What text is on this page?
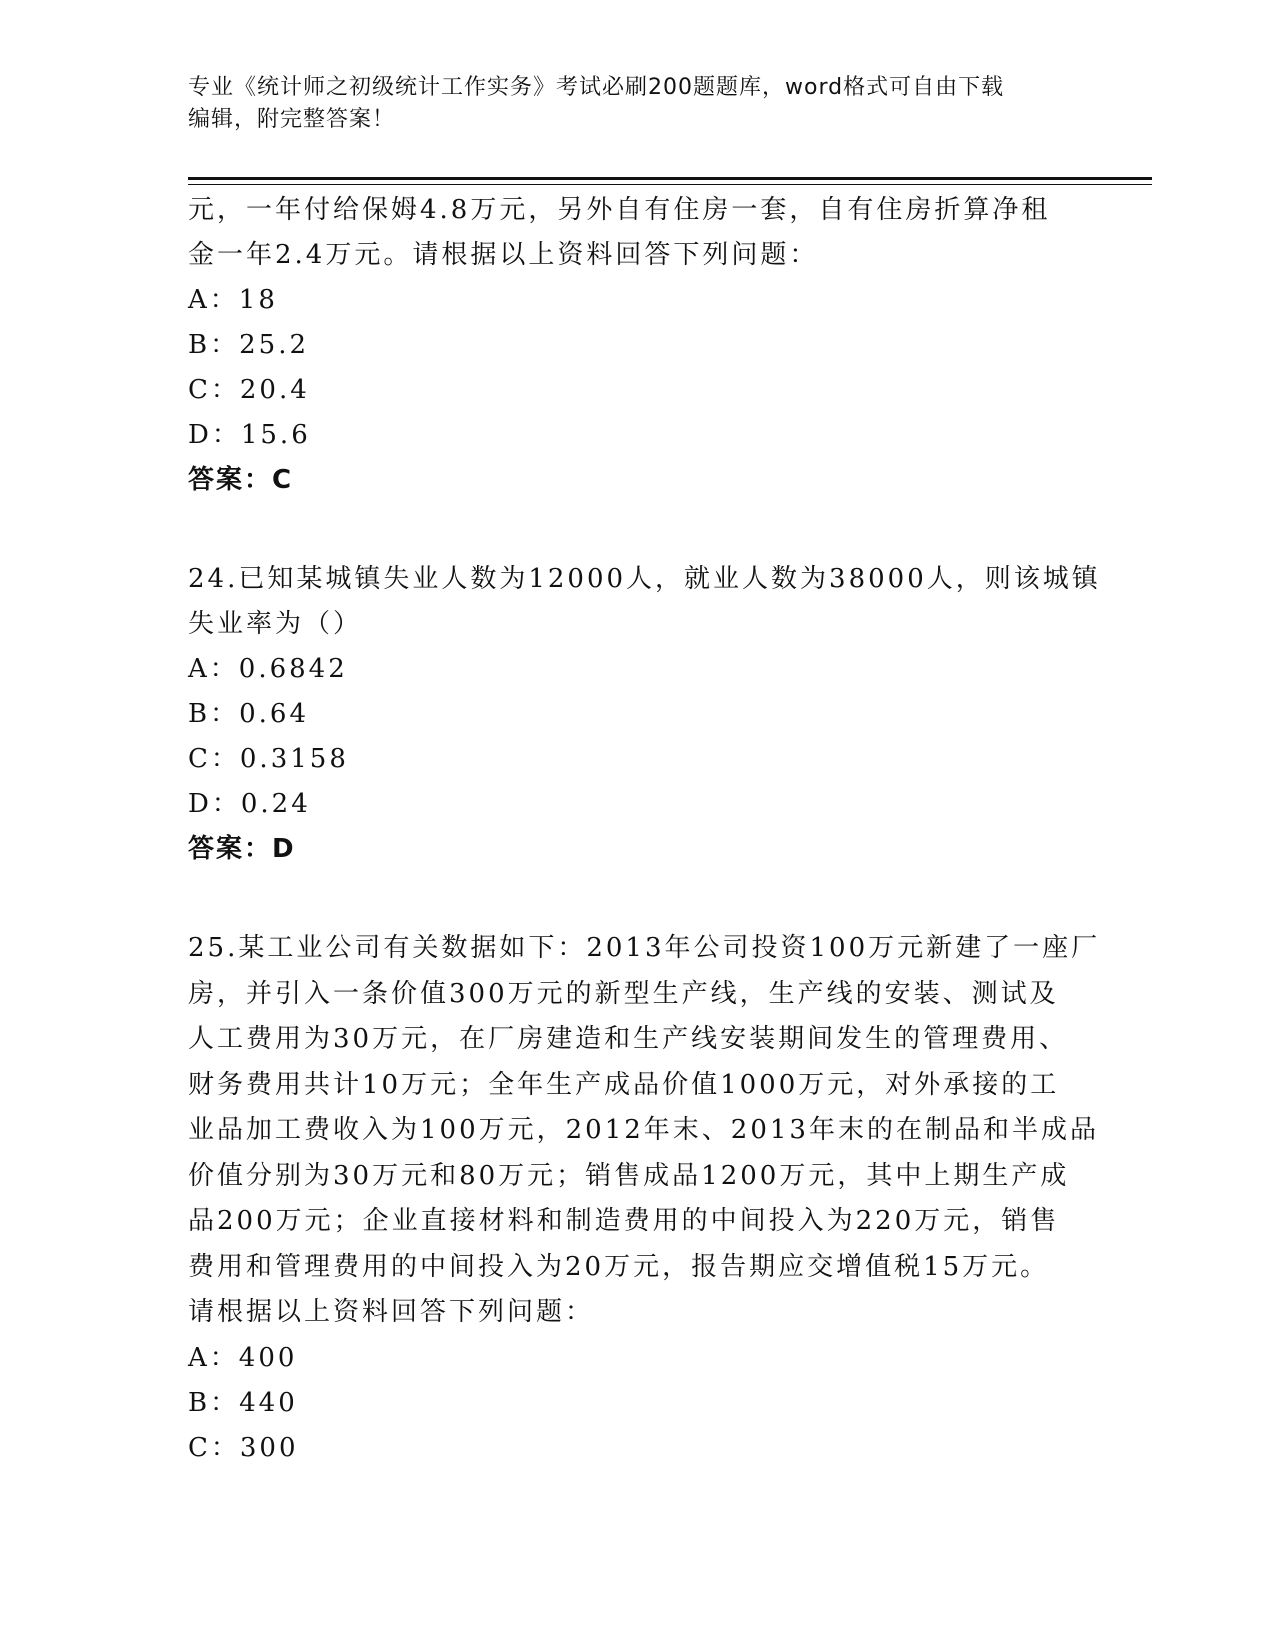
专业《统计师之初级统计工作实务》考试必刷200题题库，word格式可自由下载
编辑，附完整答案！
元，一年付给保姆4.8万元，另外自有住房一套，自有住房折算净租
金一年2.4万元。请根据以上资料回答下列问题：
A：18
B：25.2
C：20.4
D：15.6
答案：C
24.已知某城镇失业人数为12000人，就业人数为38000人，则该城镇
失业率为（）
A：0.6842
B：0.64
C：0.3158
D：0.24
答案：D
25.某工业公司有关数据如下：2013年公司投资100万元新建了一座厂
房，并引入一条价值300万元的新型生产线，生产线的安装、测试及
人工费用为30万元，在厂房建造和生产线安装期间发生的管理费用、
财务费用共计10万元；全年生产成品价值1000万元，对外承接的工
业品加工费收入为100万元，2012年末、2013年末的在制品和半成品
价值分别为30万元和80万元；销售成品1200万元，其中上期生产成
品200万元；企业直接材料和制造费用的中间投入为220万元，销售
费用和管理费用的中间投入为20万元，报告期应交增值税15万元。
请根据以上资料回答下列问题：
A：400
B：440
C：300
